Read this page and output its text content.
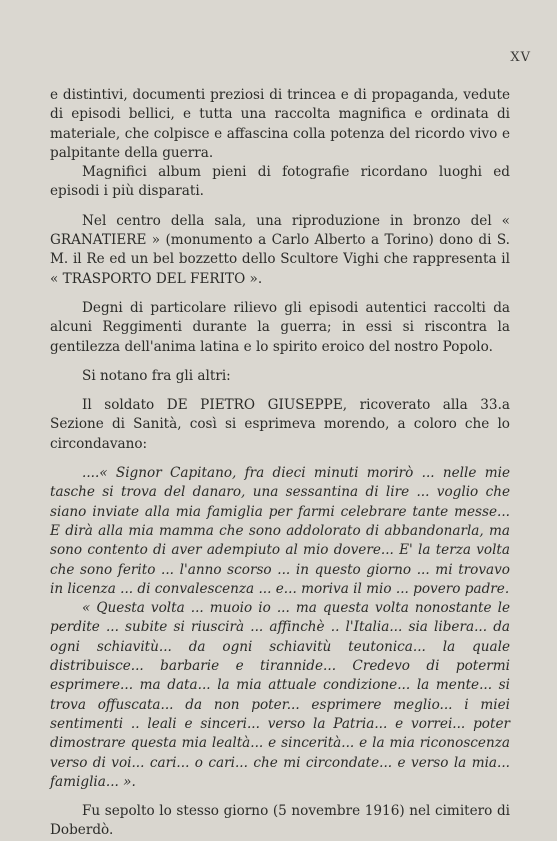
XV

e distintivi, documenti preziosi di trincea e di propaganda, vedute di episodi bellici, e tutta una raccolta magnifica e ordinata di materiale, che colpisce e affascina colla potenza del ricordo vivo e palpitante della guerra.

Magnifici album pieni di fotografie ricordano luoghi ed episodi i più disparati.

Nel centro della sala, una riproduzione in bronzo del « GRANATIERE » (monumento a Carlo Alberto a Torino) dono di S. M. il Re ed un bel bozzetto dello Scultore Vighi che rappresenta il « TRASPORTO DEL FERITO ».

Degni di particolare rilievo gli episodi autentici raccolti da alcuni Reggimenti durante la guerra; in essi si riscontra la gentilezza dell'anima latina e lo spirito eroico del nostro Popolo.

Si notano fra gli altri:

Il soldato DE PIETRO GIUSEPPE, ricoverato alla 33.a Sezione di Sanità, così si esprimeva morendo, a coloro che lo circondavano:

....« Signor Capitano, fra dieci minuti morirò ... nelle mie tasche si trova del danaro, una sessantina di lire ... voglio che siano inviate alla mia famiglia per farmi celebrare tante messe... E dirà alla mia mamma che sono addolorato di abbandonarla, ma sono contento di aver adempiuto al mio dovere... E' la terza volta che sono ferito ... l'anno scorso ... in questo giorno ... mi trovavo in licenza ... di convalescenza ... e... moriva il mio ... povero padre.

« Questa volta ... muoio io ... ma questa volta nonostante le perdite ... subite si riuscirà ... affinchè .. l'Italia... sia libera... da ogni schiavitù... da ogni schiavitù teutonica... la quale distribuisce... barbarie e tirannide... Credevo di potermi esprimere... ma data... la mia attuale condizione... la mente... si trova offuscata... da non poter... esprimere meglio... i miei sentimenti .. leali e sinceri... verso la Patria... e vorrei... poter dimostrare questa mia lealtà... e sincerità... e la mia riconoscenza verso di voi... cari... o cari... che mi circondate... e verso la mia... famiglia... ».

Fu sepolto lo stesso giorno (5 novembre 1916) nel cimitero di Doberdò.
